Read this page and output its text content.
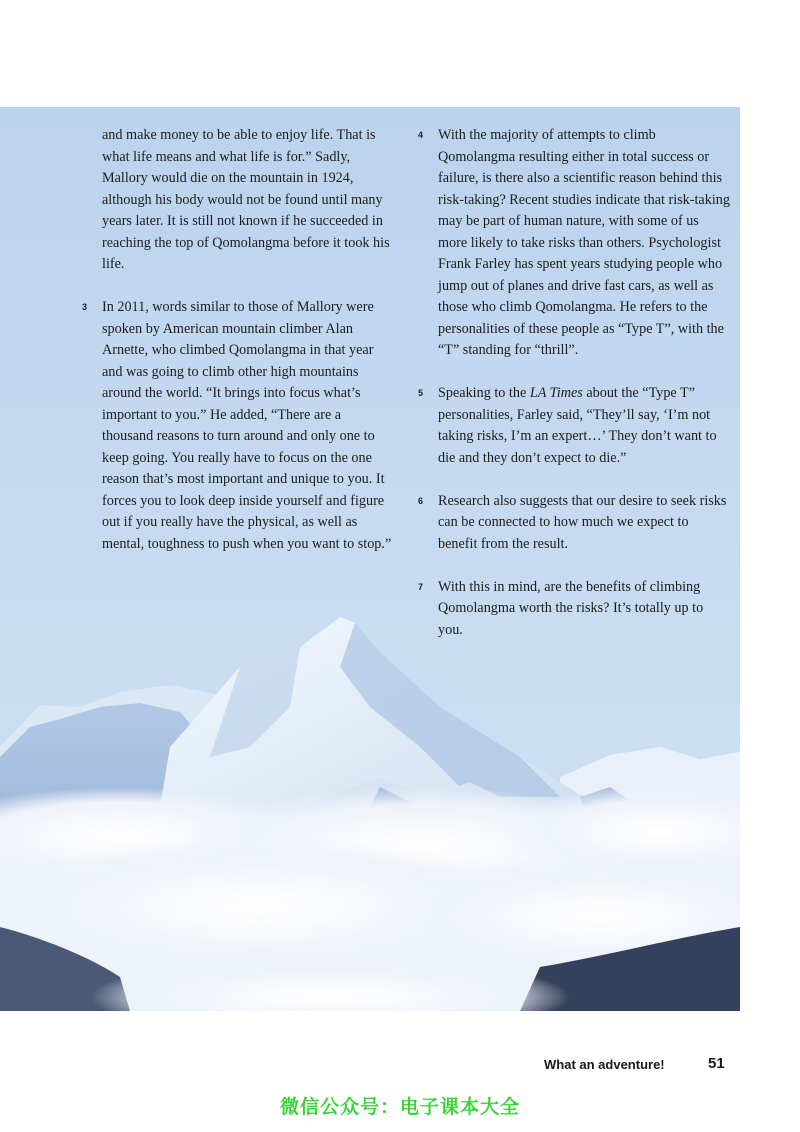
and make money to be able to enjoy life. That is what life means and what life is for.” Sadly, Mallory would die on the mountain in 1924, although his body would not be found until many years later. It is still not known if he succeeded in reaching the top of Qomolangma before it took his life.

3 In 2011, words similar to those of Mallory were spoken by American mountain climber Alan Arnette, who climbed Qomolangma in that year and was going to climb other high mountains around the world. “It brings into focus what’s important to you.” He added, “There are a thousand reasons to turn around and only one to keep going. You really have to focus on the one reason that’s most important and unique to you. It forces you to look deep inside yourself and figure out if you really have the physical, as well as mental, toughness to push when you want to stop.”

4 With the majority of attempts to climb Qomolangma resulting either in total success or failure, is there also a scientific reason behind this risk-taking? Recent studies indicate that risk-taking may be part of human nature, with some of us more likely to take risks than others. Psychologist Frank Farley has spent years studying people who jump out of planes and drive fast cars, as well as those who climb Qomolangma. He refers to the personalities of these people as “Type T”, with the “T” standing for “thrill”.

5 Speaking to the LA Times about the “Type T” personalities, Farley said, “They’ll say, ‘I’m not taking risks, I’m an expert…’ They don’t want to die and they don’t expect to die.”

6 Research also suggests that our desire to seek risks can be connected to how much we expect to benefit from the result.

7 With this in mind, are the benefits of climbing Qomolangma worth the risks? It’s totally up to you.

What an adventure!	51
微信公众号：电子课本大全
